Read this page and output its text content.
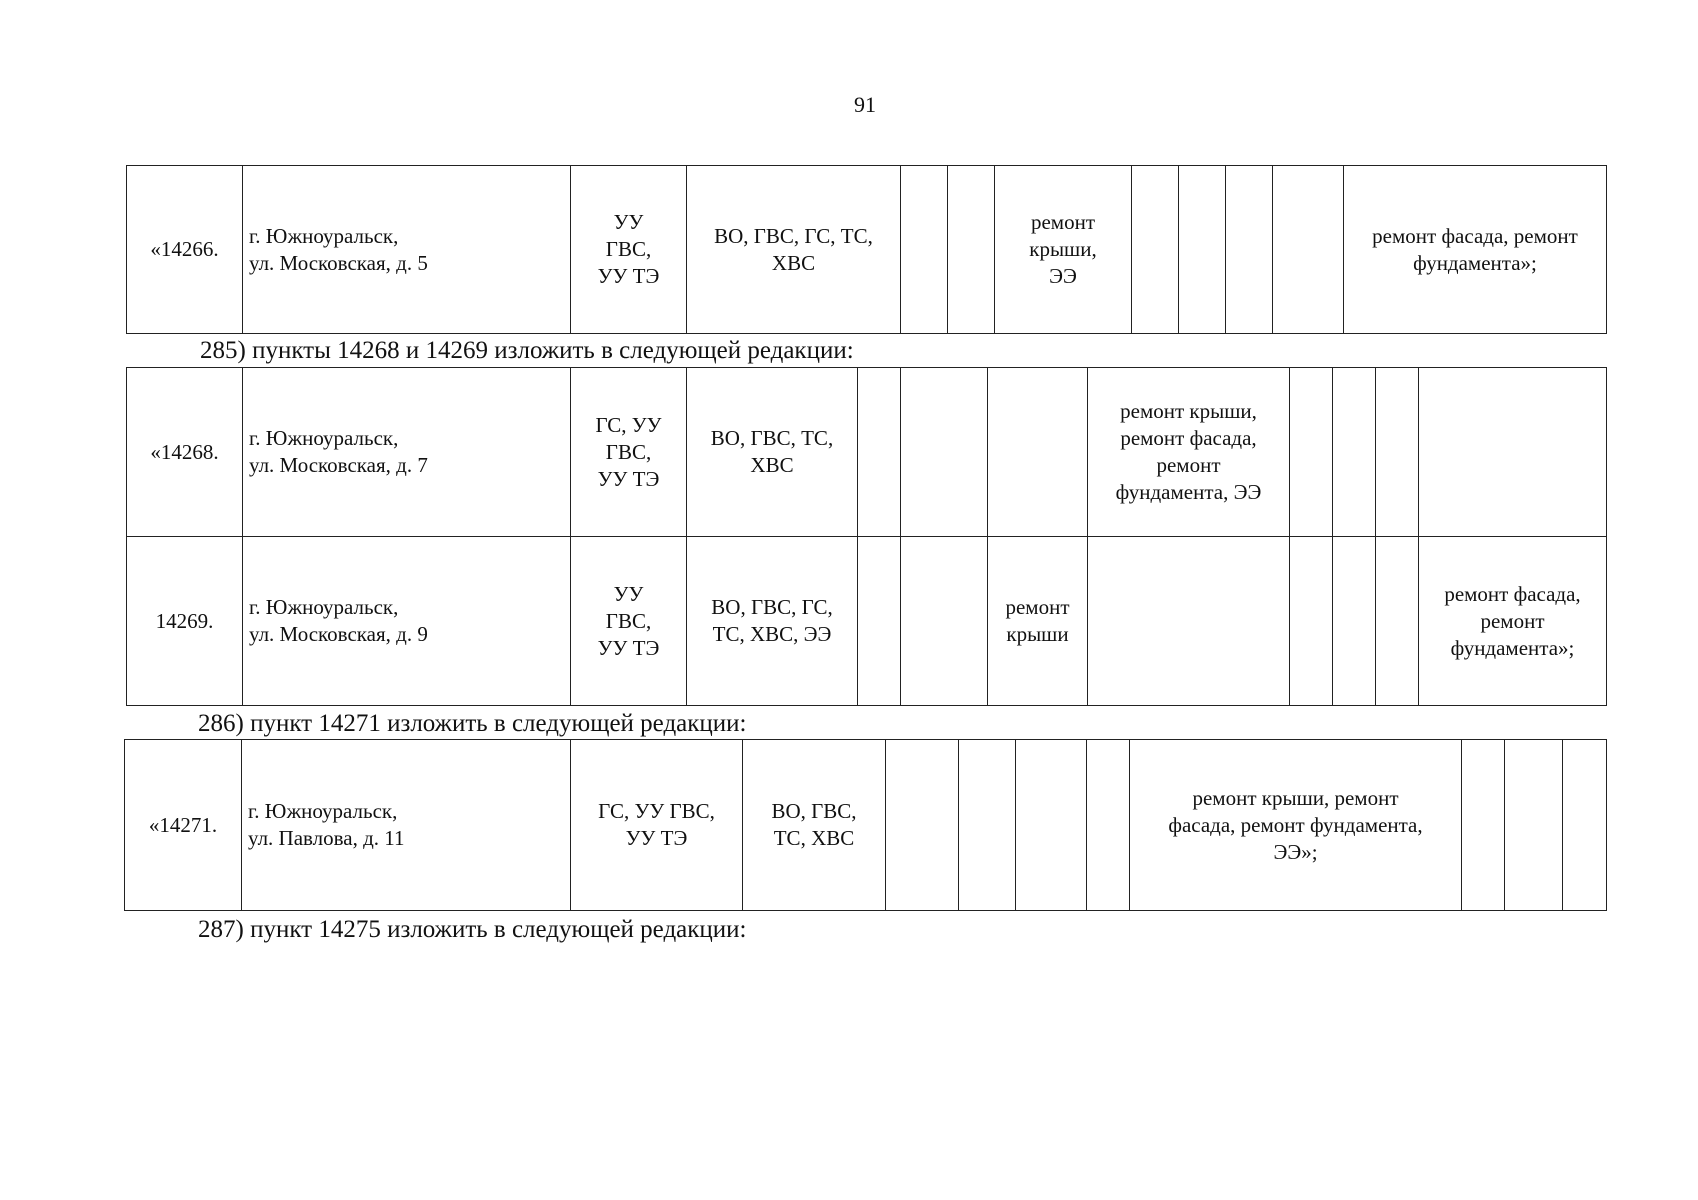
91
«14266.	г. Южноуральск,
ул. Московская, д. 5	УУ
ГВС,
УУ ТЭ	ВО, ГВС, ГС, ТС,
ХВС			ремонт
крыши,
ЭЭ					ремонт фасада, ремонт
фундамента»;
285) пункты 14268 и 14269 изложить в следующей редакции:
«14268.	г. Южноуральск,
ул. Московская, д. 7	ГС, УУ
ГВС,
УУ ТЭ	ВО, ГВС, ТС,
ХВС				ремонт крыши,
ремонт фасада,
ремонт
фундамента, ЭЭ				
14269.	г. Южноуральск,
ул. Московская, д. 9	УУ
ГВС,
УУ ТЭ	ВО, ГВС, ГС,
ТС, ХВС, ЭЭ			ремонт
крыши					ремонт фасада,
ремонт
фундамента»;
286) пункт 14271 изложить в следующей редакции:
«14271.	г. Южноуральск,
ул. Павлова, д. 11	ГС, УУ ГВС,
УУ ТЭ	ВО, ГВС,
ТС, ХВС					ремонт крыши, ремонт
фасада, ремонт фундамента,
ЭЭ»;			
287) пункт 14275 изложить в следующей редакции:
